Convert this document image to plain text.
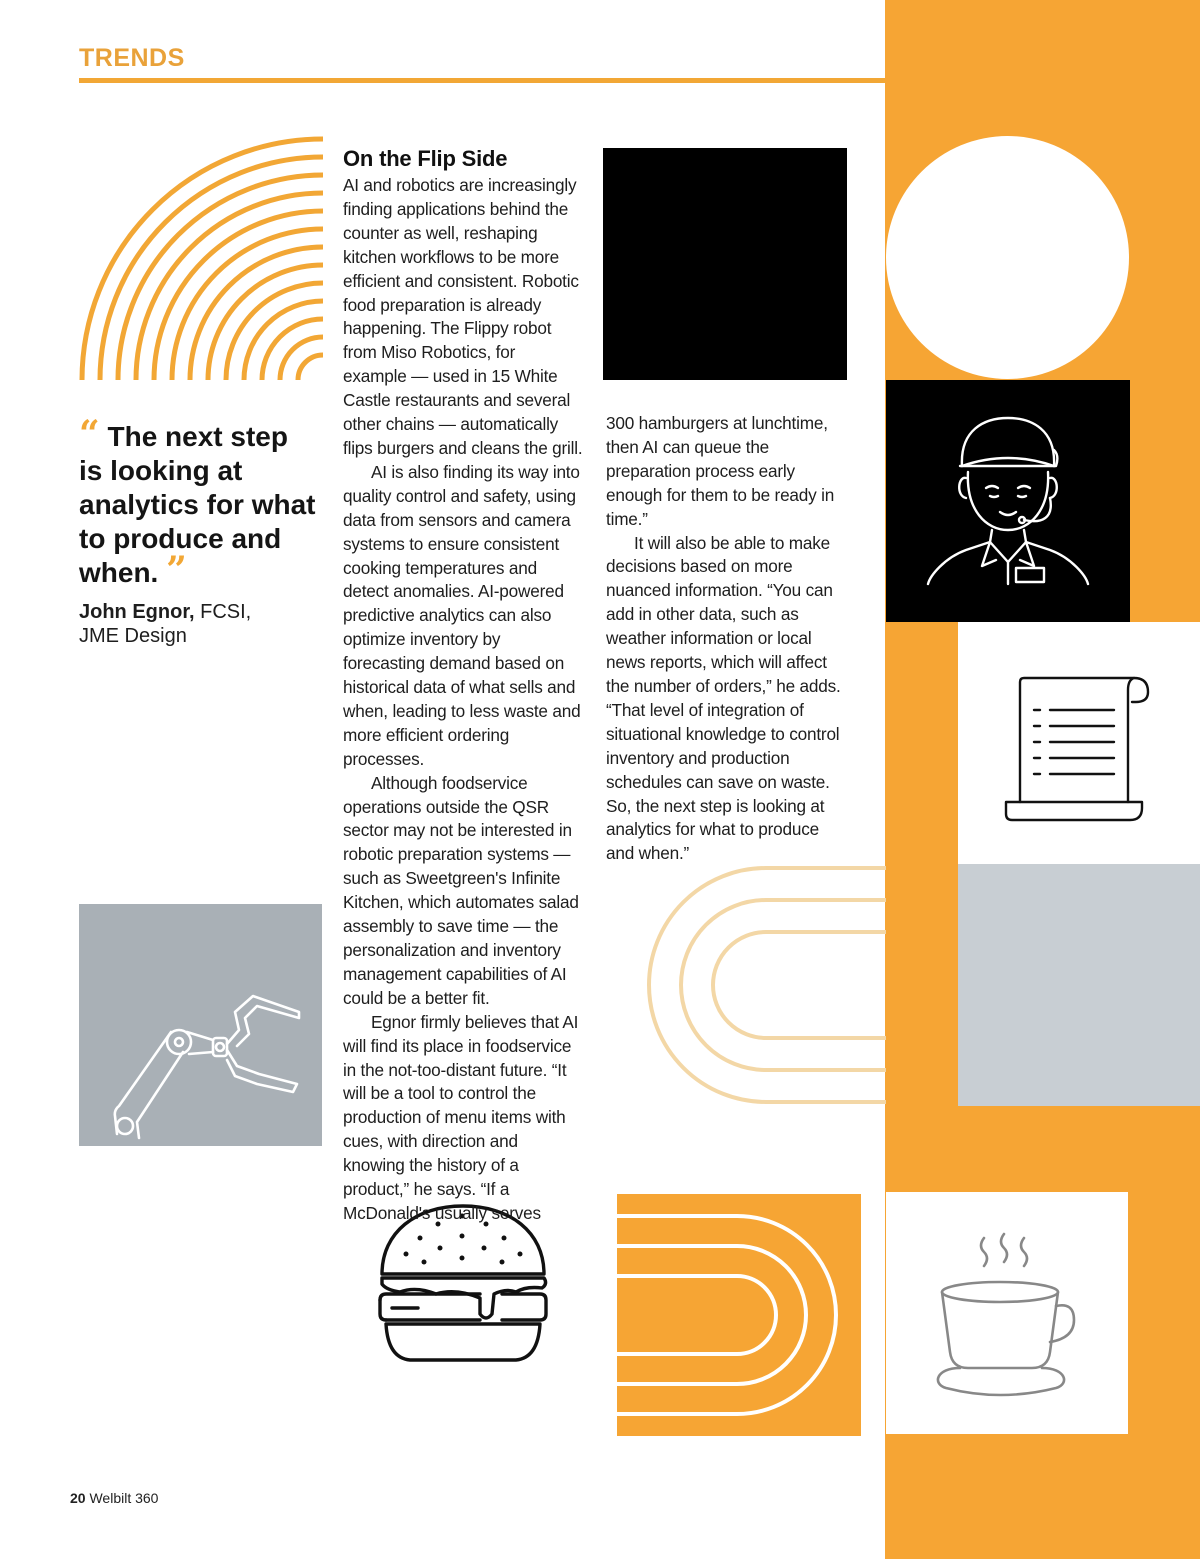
TRENDS
On the Flip Side

AI and robotics are increasingly finding applications behind the counter as well, reshaping kitchen workflows to be more efficient and consistent. Robotic food preparation is already happening. The Flippy robot from Miso Robotics, for example — used in 15 White Castle restaurants and several other chains — automatically flips burgers and cleans the grill.

AI is also finding its way into quality control and safety, using data from sensors and camera systems to ensure consistent cooking temperatures and detect anomalies. AI-powered predictive analytics can also optimize inventory by forecasting demand based on historical data of what sells and when, leading to less waste and more efficient ordering processes.

Although foodservice operations outside the QSR sector may not be interested in robotic preparation systems — such as Sweetgreen's Infinite Kitchen, which automates salad assembly to save time — the personalization and inventory management capabilities of AI could be a better fit.

Egnor firmly believes that AI will find its place in foodservice in the not-too-distant future. “It will be a tool to control the production of menu items with cues, with direction and knowing the history of a product,” he says. “If a McDonald's usually serves

300 hamburgers at lunchtime, then AI can queue the preparation process early enough for them to be ready in time.”

It will also be able to make decisions based on more nuanced information. “You can add in other data, such as weather information or local news reports, which will affect the number of orders,” he adds. “That level of integration of situational knowledge to control inventory and production schedules can save on waste. So, the next step is looking at analytics for what to produce and when.”

“ The next step is looking at analytics for what to produce and when. ”
John Egnor, FCSI,
JME Design
20 Welbilt 360
